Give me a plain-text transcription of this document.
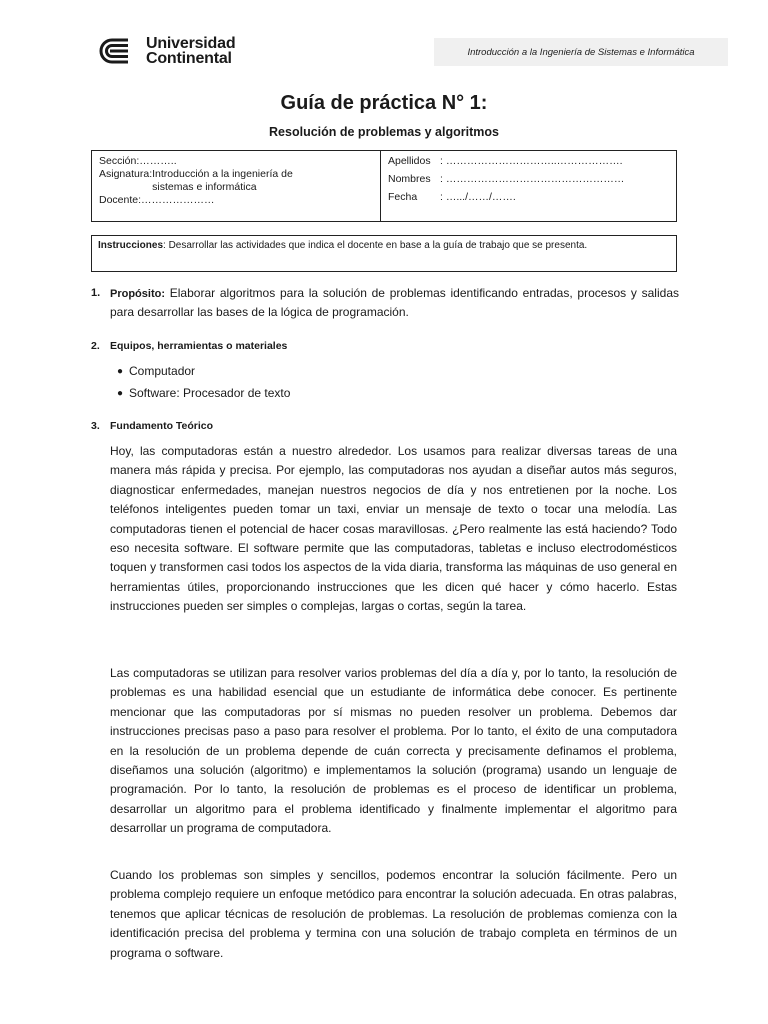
Universidad
Continental	Introducción a la Ingeniería de Sistemas e Informática
Guía de práctica N° 1:
Resolución de problemas y algoritmos
Sección: ………..
Asignatura: Introducción a la ingeniería de sistemas e informática
Docente: …………………
Apellidos : …………………………..……………….
Nombres : ……………………………………………
Fecha	: ….../……/…….
Instrucciones: Desarrollar las actividades que indica el docente en base a la guía de trabajo que se presenta.
1. Propósito: Elaborar algoritmos para la solución de problemas identificando entradas, procesos y salidas para desarrollar las bases de la lógica de programación.
2. Equipos, herramientas o materiales
● Computador
● Software: Procesador de texto
3. Fundamento Teórico

Hoy, las computadoras están a nuestro alrededor. Los usamos para realizar diversas tareas de una manera más rápida y precisa. Por ejemplo, las computadoras nos ayudan a diseñar autos más seguros, diagnosticar enfermedades, manejan nuestros negocios de día y nos entretienen por la noche. Los teléfonos inteligentes pueden tomar un taxi, enviar un mensaje de texto o tocar una melodía. Las computadoras tienen el potencial de hacer cosas maravillosas. ¿Pero realmente las está haciendo? Todo eso necesita software. El software permite que las computadoras, tabletas e incluso electrodomésticos toquen y transformen casi todos los aspectos de la vida diaria, transforma las máquinas de uso general en herramientas útiles, proporcionando instrucciones que les dicen qué hacer y cómo hacerlo. Estas instrucciones pueden ser simples o complejas, largas o cortas, según la tarea.

Las computadoras se utilizan para resolver varios problemas del día a día y, por lo tanto, la resolución de problemas es una habilidad esencial que un estudiante de informática debe conocer. Es pertinente mencionar que las computadoras por sí mismas no pueden resolver un problema. Debemos dar instrucciones precisas paso a paso para resolver el problema. Por lo tanto, el éxito de una computadora en la resolución de un problema depende de cuán correcta y precisamente definamos el problema, diseñamos una solución (algoritmo) e implementamos la solución (programa) usando un lenguaje de programación. Por lo tanto, la resolución de problemas es el proceso de identificar un problema, desarrollar un algoritmo para el problema identificado y finalmente implementar el algoritmo para desarrollar un programa de computadora.

Cuando los problemas son simples y sencillos, podemos encontrar la solución fácilmente. Pero un problema complejo requiere un enfoque metódico para encontrar la solución adecuada. En otras palabras, tenemos que aplicar técnicas de resolución de problemas. La resolución de problemas comienza con la identificación precisa del problema y termina con una solución de trabajo completa en términos de un programa o software.
